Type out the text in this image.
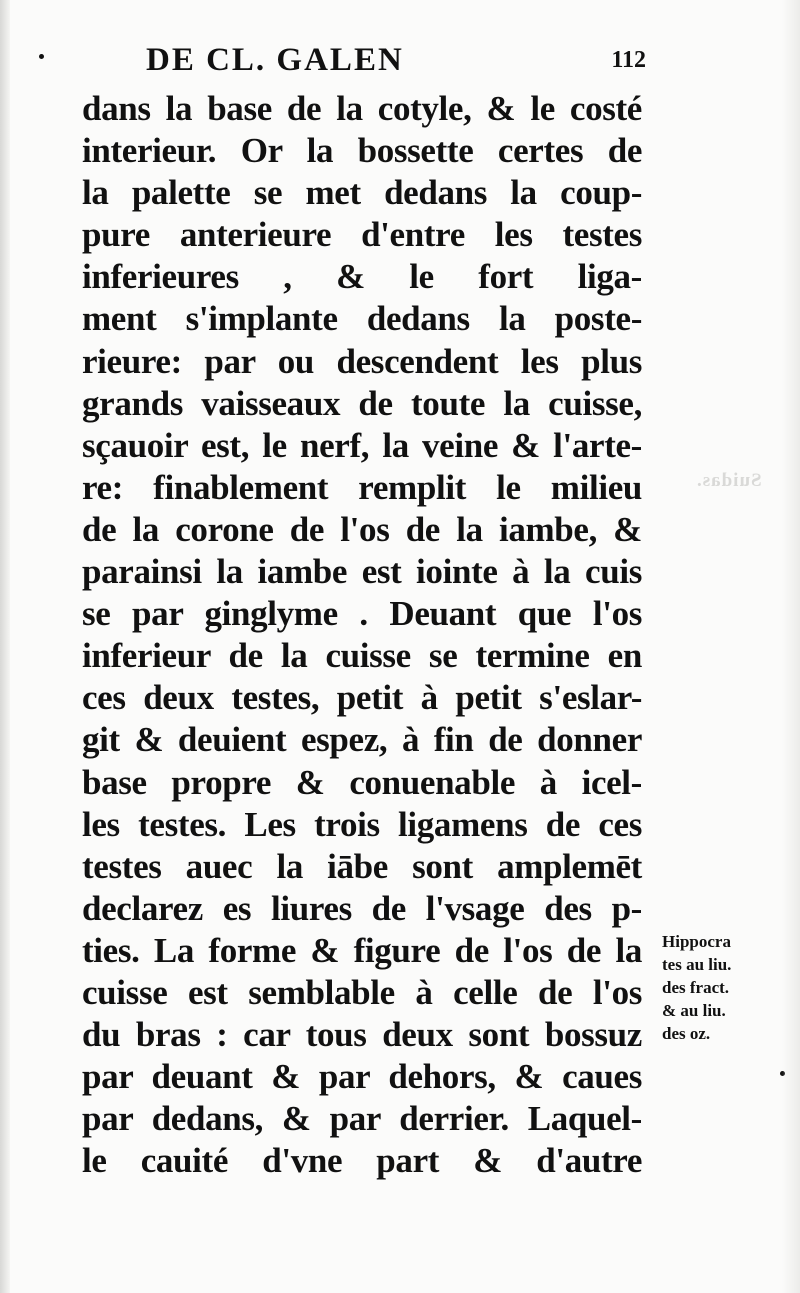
DE CL. GALEN	112
Suidas.
dans la base de la cotyle, & le costé
interieur. Or la bossette certes de
la palette se met dedans la coup-
pure anterieure d'entre les testes
inferieures , & le fort liga-
ment s'implante dedans la poste-
rieure: par ou descendent les plus
grands vaisseaux de toute la cuisse,
sçauoir est, le nerf, la veine & l'arte-
re: finablement remplit le milieu
de la corone de l'os de la iambe, &
parainsi la iambe est iointe à la cuis
se par ginglyme . Deuant que l'os
inferieur de la cuisse se termine en
ces deux testes, petit à petit s'eslar-
git & deuient espez, à fin de donner
base propre & conuenable à icel-
les testes. Les trois ligamens de ces
testes auec la iābe sont amplemēt
declarez es liures de l'vsage des p-
ties. La forme & figure de l'os de la
cuisse est semblable à celle de l'os
du bras : car tous deux sont bossuz
par deuant & par dehors, & caues
par dedans, & par derrier. Laquel-
le cauité d'vne part & d'autre
Hippocra
tes au liu.
des fract.
& au liu.
des oz.
